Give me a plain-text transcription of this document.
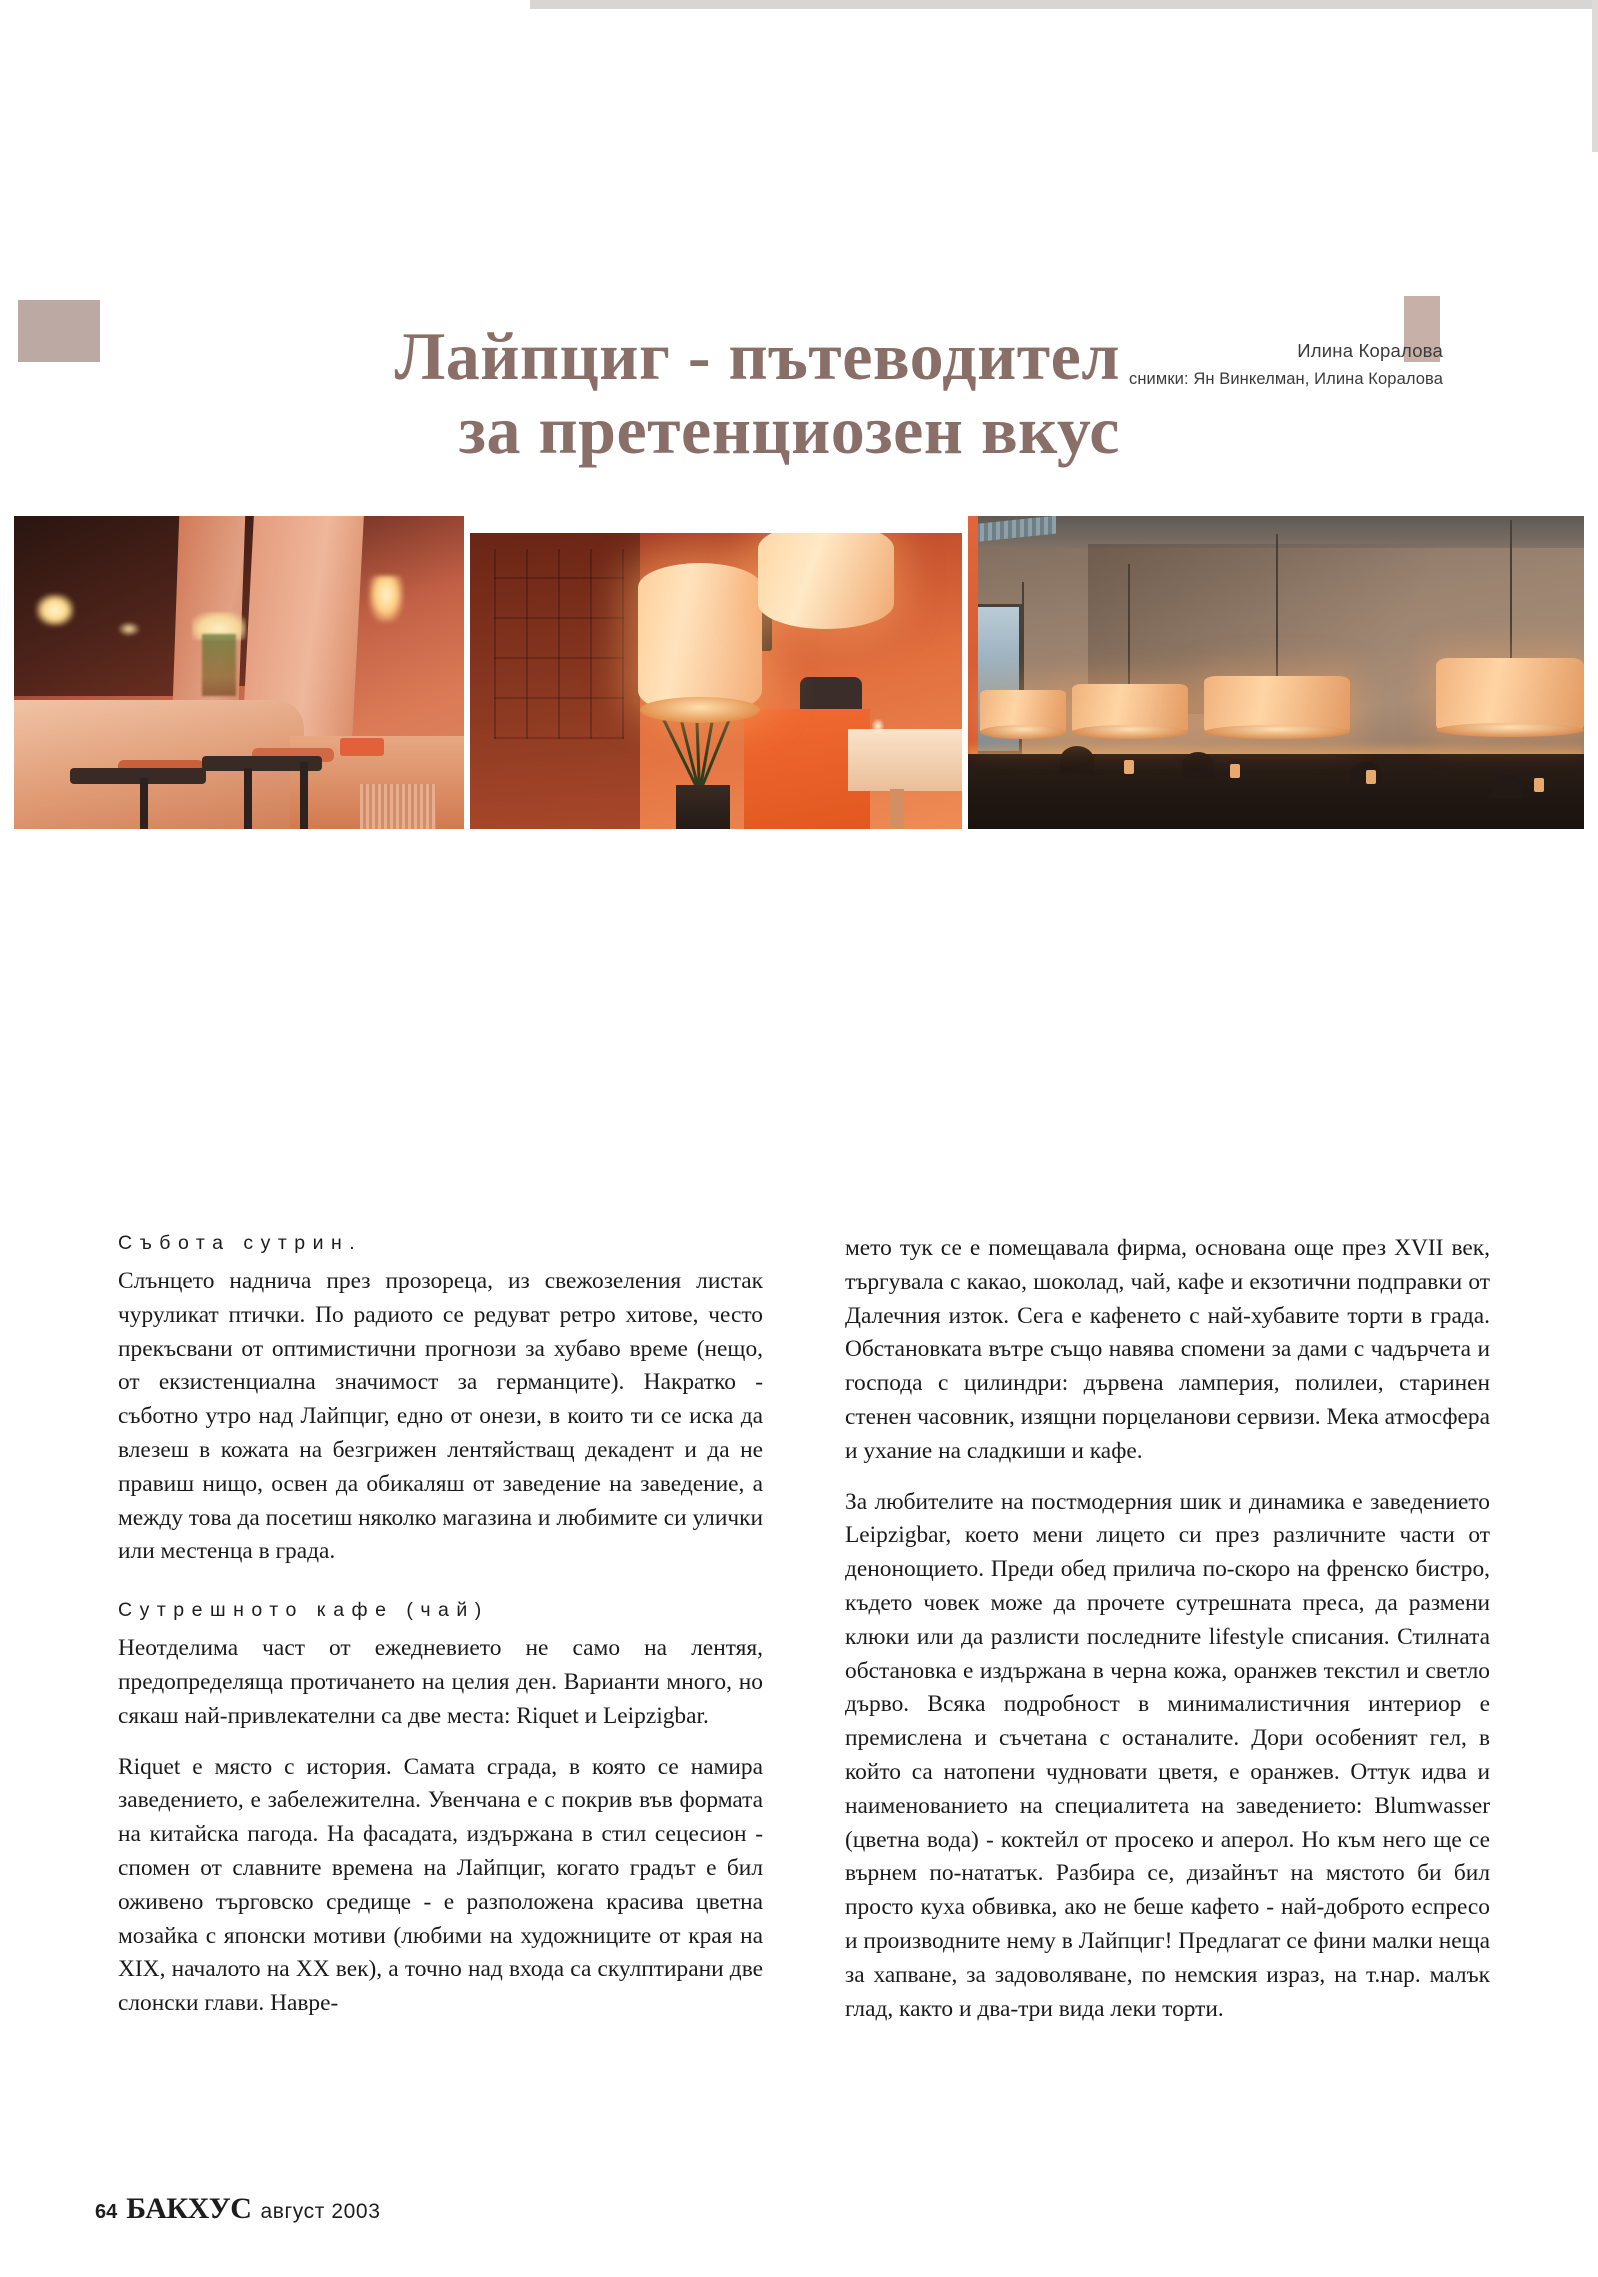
Лайпциг - пътеводител
за претенциозен вкус
Илина Коралова
снимки: Ян Винкелман, Илина Коралова
Събота сутрин.

Слънцето наднича през прозореца, из свежозеления листак чуруликат птички. По радиото се редуват ретро хитове, често прекъсвани от оптимистични прогнози за хубаво време (нещо, от екзистенциална значимост за германците). Накратко - съботно утро над Лайпциг, едно от онези, в които ти се иска да влезеш в кожата на безгрижен лентяйстващ декадент и да не правиш нищо, освен да обикаляш от заведение на заведение, а между това да посетиш няколко магазина и любимите си улички или местенца в града.

Сутрешното кафе (чай)

Неотделима част от ежедневието не само на лентяя, предопределяща протичането на целия ден. Варианти много, но сякаш най-привлекателни са две места: Riquet и Leipzigbar.

Riquet е място с история. Самата сграда, в която се намира заведението, е забележителна. Увенчана е с покрив във формата на китайска пагода. На фасадата, издържана в стил сецесион - спомен от славните времена на Лайпциг, когато градът е бил оживено търговско средище - е разположена красива цветна мозайка с японски мотиви (любими на художниците от края на XIX, началото на XX век), а точно над входа са скулптирани две слонски глави. Навре-

мето тук се е помещавала фирма, основана още през XVII век, търгувала с какао, шоколад, чай, кафе и екзотични подправки от Далечния изток. Сега е кафенето с най-хубавите торти в града. Обстановката вътре също навява спомени за дами с чадърчета и господа с цилиндри: дървена ламперия, полилеи, старинен стенен часовник, изящни порцеланови сервизи. Мека атмосфера и ухание на сладкиши и кафе.

За любителите на постмодерния шик и динамика е заведението Leipzigbar, което мени лицето си през различните части от денонощието. Преди обед прилича по-скоро на френско бистро, където човек може да прочете сутрешната преса, да размени клюки или да разлисти последните lifestyle списания. Стилната обстановка е издържана в черна кожа, оранжев текстил и светло дърво. Всяка подробност в минималистичния интериор е премислена и съчетана с останалите. Дори особеният гел, в който са натопени чудновати цветя, е оранжев. Оттук идва и наименованието на специалитета на заведението: Blumwasser (цветна вода) - коктейл от просеко и аперол. Но към него ще се върнем по-нататък. Разбира се, дизайнът на мястото би бил просто куха обвивка, ако не беше кафето - най-доброто еспресо и производните нему в Лайпциг! Предлагат се фини малки неща за хапване, за задоволяване, по немския израз, на т.нар. малък глад, както и два-три вида леки торти.

64 БАКХУС август 2003
